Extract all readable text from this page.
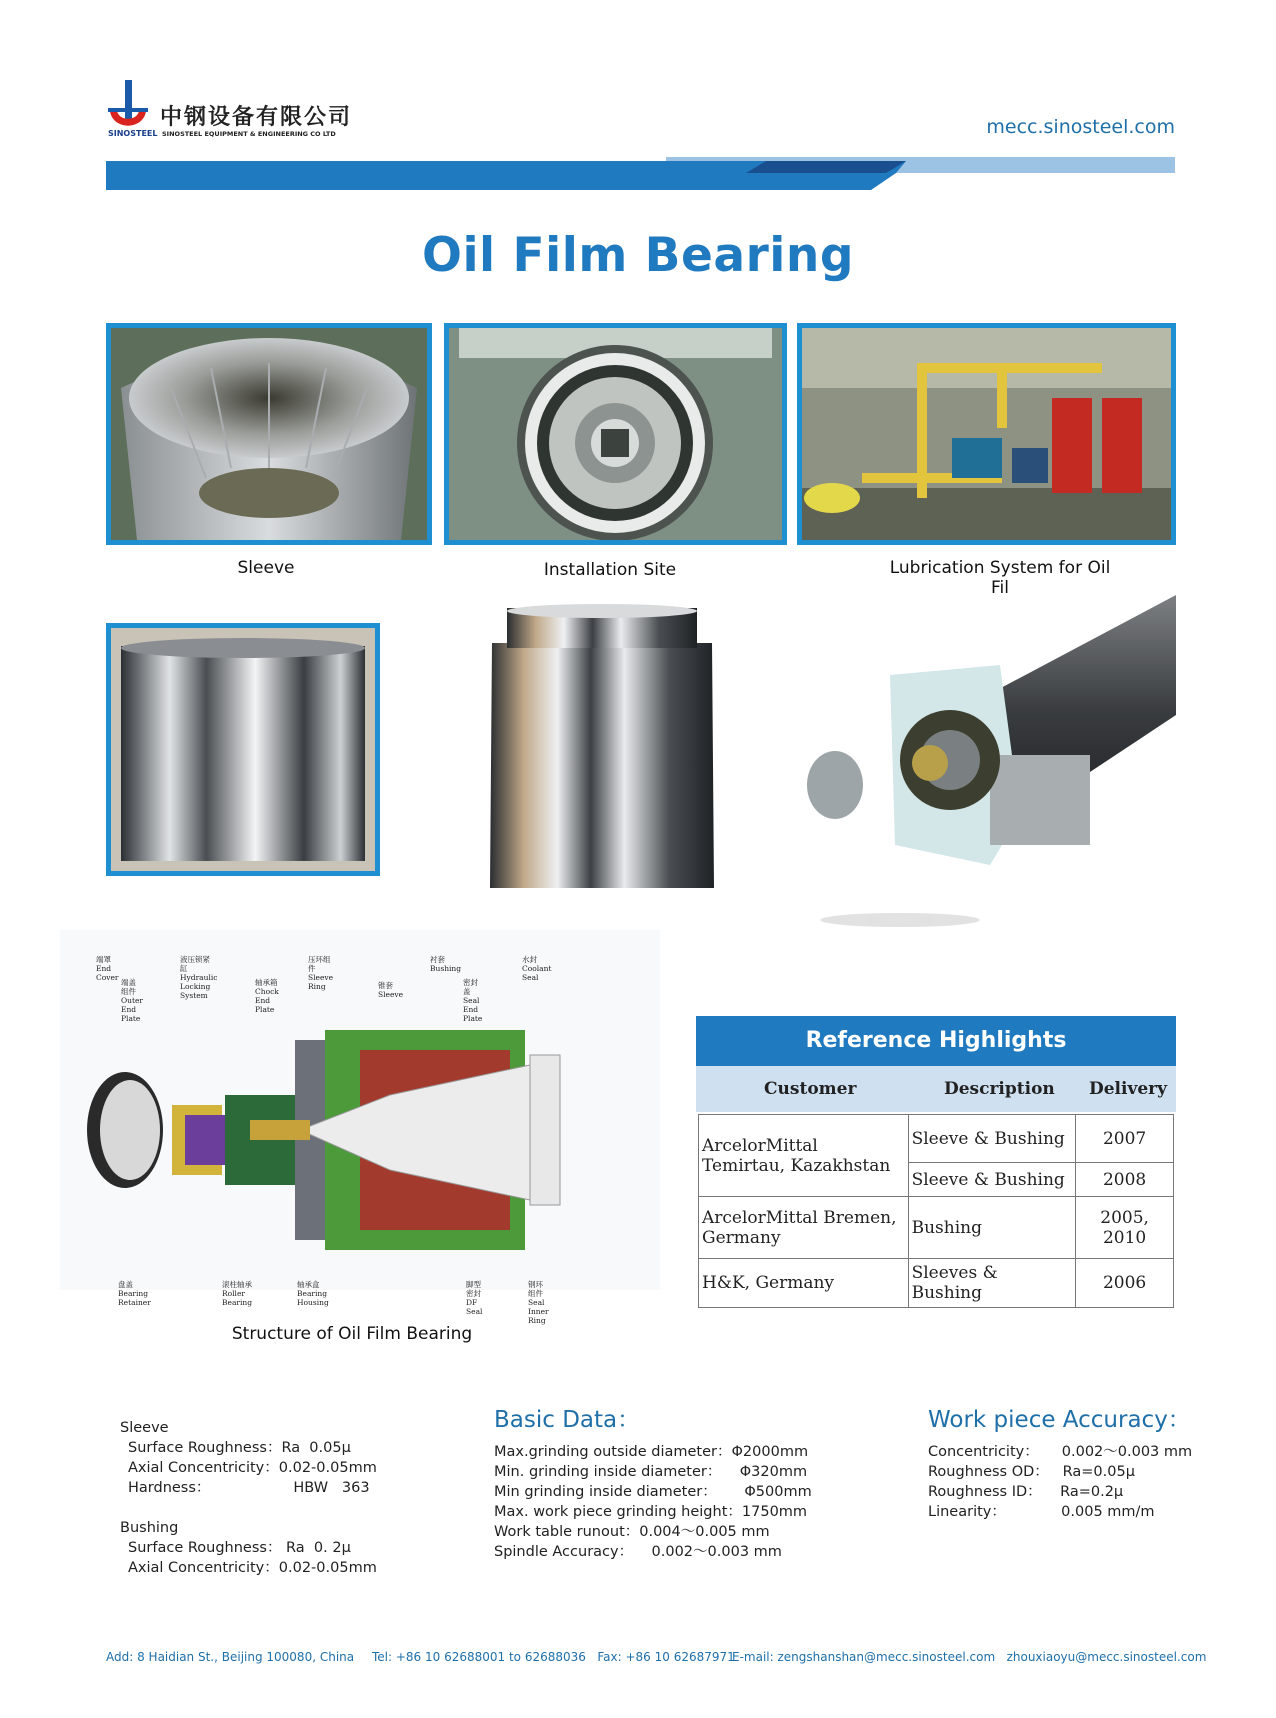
中钢设备有限公司
SINOSTEEL SINOSTEEL EQUIPMENT & ENGINEERING CO LTD	mecc.sinosteel.com
Oil Film Bearing
Sleeve	Installation Site	Lubrication System for Oil Fil
端罩
End Cover
液压锁紧缸
Hydraulic Locking System
压环组件
Sleeve Ring
衬套
Bushing
水封
Coolant Seal
端盖组件
Outer End Plate
轴承箱
Chock End Plate
锥套
Sleeve
密封盖
Seal End Plate
盘盖
Bearing Retainer
滚柱轴承
Roller Bearing
轴承盒
Bearing Housing
脚型密封
DF Seal
钢环组件
Seal Inner Ring
Structure of Oil Film Bearing
Reference Highlights
Customer	Description Delivery
ArcelorMittal Temirtau, Kazakhstan	Sleeve & Bushing	2007
	Sleeve & Bushing	2008
ArcelorMittal Bremen, Germany	Bushing	2005, 2010
H&K, Germany	Sleeves & Bushing	2006
Sleeve
Surface Roughness：Ra  0.05μ
Axial Concentricity：0.02-0.05mm
Hardness：                  HBW   363
Bushing
Surface Roughness： Ra  0. 2μ
Axial Concentricity：0.02-0.05mm
Basic Data：
Max.grinding outside diameter：Φ2000mm
Min. grinding inside diameter：    Φ320mm
Min grinding inside diameter：      Φ500mm
Max. work piece grinding height：1750mm
Work table runout：0.004～0.005 mm
Spindle Accuracy：    0.002～0.003 mm
Work piece Accuracy：
Concentricity：     0.002～0.003 mm
Roughness OD：   Ra=0.05μ
Roughness ID：    Ra=0.2μ
Linearity：            0.005 mm/m
Add: 8 Haidian St., Beijing 100080, China Tel: +86 10 62688001 to 62688036   Fax: +86 10 62687971
E-mail: zengshanshan@mecc.sinosteel.com   zhouxiaoyu@mecc.sinosteel.com
